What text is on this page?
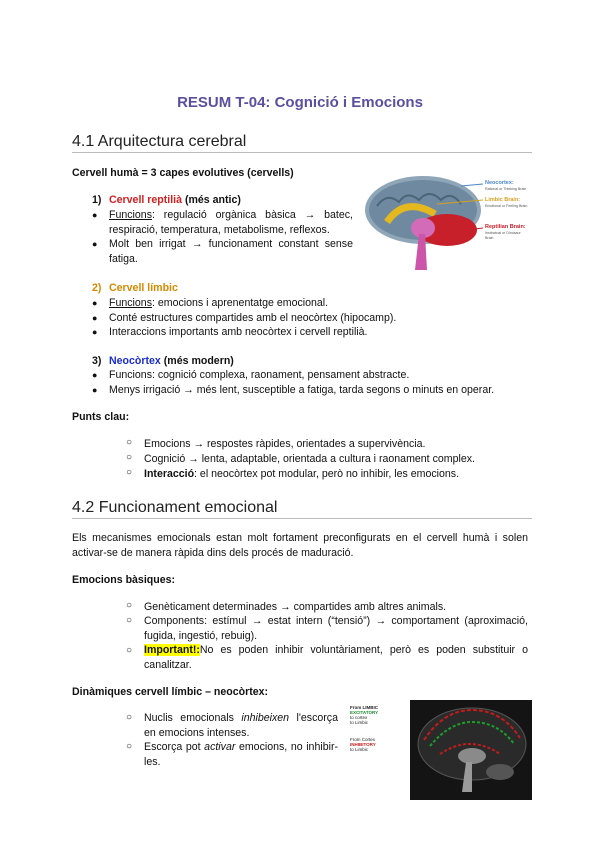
RESUM T-04: Cognició i Emocions
4.1 Arquitectura cerebral
Cervell humà = 3 capes evolutives (cervells)
1) Cervell reptilià (més antic)
● Funcions: regulació orgànica bàsica → batec, respiració, temperatura, metabolisme, reflexos.
● Molt ben irrigat → funcionament constant sense fatiga.
Neocortex:
Rational or Thinking Brain
Limbic Brain:
Emotional or Feeling Brain
Reptilian Brain:
Instinctual or Dinosaur
Brain
2) Cervell límbic
● Funcions: emocions i aprenentatge emocional.
● Conté estructures compartides amb el neocòrtex (hipocamp).
● Interaccions importants amb neocòrtex i cervell reptilià.
3) Neocòrtex (més modern)
● Funcions: cognició complexa, raonament, pensament abstracte.
● Menys irrigació → més lent, susceptible a fatiga, tarda segons o minuts en operar.
Punts clau:
○ Emocions → respostes ràpides, orientades a supervivència.
○ Cognició → lenta, adaptable, orientada a cultura i raonament complex.
○ Interacció: el neocòrtex pot modular, però no inhibir, les emocions.
4.2 Funcionament emocional
Els mecanismes emocionals estan molt fortament preconfigurats en el cervell humà i solen activar-se de manera ràpida dins dels procés de maduració.
Emocions bàsiques:
○ Genèticament determinades → compartides amb altres animals.
○ Components: estímul → estat intern (“tensió”) → comportament (aproximació, fugida, ingestió, rebuig).
○ Important!:No es poden inhibir voluntàriament, però es poden substituir o canalitzar.
Dinàmiques cervell límbic – neocòrtex:
○ Nuclis emocionals inhibeixen l'escorça en emocions intenses.
○ Escorça pot activar emocions, no inhibir-les.
From LIMBIC
EXCITATORY
to cortex
to Limbic
From Cortex
INHIBITORY
to Limbic
